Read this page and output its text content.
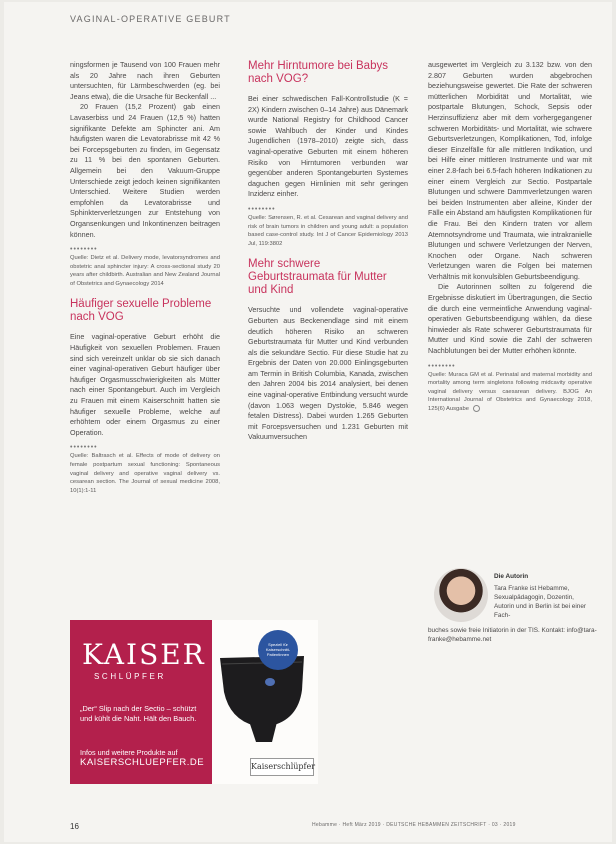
VAGINAL-OPERATIVE GEBURT

ningsformen je Tausend von 100 Frauen mehr als 20 Jahre nach ihren Geburten untersuchten, für Lärmbeschwerden (eg. bei Jeans etwa), die die Ursache für Beckenfall ...

20 Frauen (15,2 Prozent) gab einen Lavaserbiss und 24 Frauen (12,5 %) hatten signifikante Defekte am Sphincter ani. Am häufigsten waren die Levatorabrisse mit 42 % bei Forcepsgeburten zu finden, im Gegensatz zu 11 % bei den spontanen Geburten. Allgemein bei den Vakuum-Gruppe Unterschiede zeigt jedoch keinen signifikanten Unterschied. Weitere Studien werden empfohlen da Levatorabrisse und Sphinkterverletzungen zur Entstehung von Organsenkungen und Inkontinenzen beitragen können.

••••••••

Quelle: Dietz et al. Delivery mode, levatorsyndromes and obstetric anal sphincter injury: A cross-sectional study 20 years after childbirth. Australian and New Zealand Journal of Obstetrics and Gynaecology 2014

Häufiger sexuelle Probleme nach VOG

Eine vaginal-operative Geburt erhöht die Häufigkeit von sexuellen Problemen. Frauen sind sich vereinzelt unklar ob sie sich danach einer vaginal-operativen Geburt häufiger über häufiger Orgasmusschwierigkeiten als Mütter nach einer Spontangeburt. Auch im Vergleich zu Frauen mit einem Kaiserschnitt hatten sie häufiger sexuelle Probleme, welche auf erhöhtem oder einem Orgasmus zu einer Operation.

••••••••

Quelle: Baltrasch et al. Effects of mode of delivery on female postpartum sexual functioning: Spontaneous vaginal delivery and operative vaginal delivery vs. cesarean section. The Journal of sexual medicine 2008, 10(1):1-11

Mehr Hirntumore bei Babys nach VOG?

Bei einer schwedischen Fall-Kontrollstudie (K = 2X) Kindern zwischen 0–14 Jahre) aus Dänemark wurde National Registry for Childhood Cancer sowie Wahlbuch der Kinder und Kindes Jugendlichen (1978–2010) zeigte sich, dass vaginal-operative Geburten mit einem höheren Risiko von Hirntumoren verbunden war gegenüber anderen Spontangeburten Systemes daguchen gegen Hirnlinien mit sehr geringen Inzidenz einher.

••••••••

Quelle: Sørensen, R. et al. Cesarean and vaginal delivery and risk of brain tumors in children and young adult: a population based case-control study. Int J of Cancer Epidemiology 2013 Jul, 119:3802

Mehr schwere Geburtstraumata für Mutter und Kind

Versuchte und vollendete vaginal-operative Geburten aus Beckenendlage sind mit einem deutlich höheren Risiko an schweren Geburtstraumata für Mutter und Kind verbunden als die sekundäre Sectio. Für diese Studie hat zu Ergebnis der Daten von 20.000 Einlingsgeburten am Termin in British Columbia, Kanada, zwischen den Jahren 2004 bis 2014 analysiert, bei denen eine vaginal-operative Entbindung versucht wurde (davon 1.063 wegen Dystokie, 5.846 wegen fetalen Distress). Dabei wurden 1.265 Geburten mit Forcepsversuchen und 1.231 Geburten mit Vakuumversuchen

ausgewertet im Vergleich zu 3.132 bzw. von den 2.807 Geburten wurden abgebrochen beziehungsweise gewertet. Die Rate der schweren mütterlichen Morbidität und Mortalität, wie postpartale Blutungen, Schock, Sepsis oder Herzinsuffizienz aber mit dem vorhergegangener schweren Morbiditäts- und Mortalität, wie schwere Geburtsverletzungen, Komplikationen, Tod, infolge dieser Einzelfälle für alle mittleren Indikation, und bei Hilfe einer mittleren Instrumente und war mit einer 2.8-fach bei 6.5-fach höheren Indikationen zu einer einem Vergleich zur Sectio. Postpartale Blutungen und schwere Dammverletzungen waren bei beiden Instrumenten aber alleine, Kinder der Fälle ein Abstand am häufigsten Komplikationen für die Frau. Bei den Kindern traten vor allem Atemnotsyndrome und Traumata, wie intrakranielle Blutungen und schwere Verletzungen der Nerven, Knochen oder Organe. Nach schweren Verletzungen waren die Folgen bei maternen Verhältnis mit konvulsiblen Geburtsbeendigung.

Die Autorinnen sollten zu folgerend die Ergebnisse diskutiert im Übertragungen, die Sectio die durch eine vermeintliche Anwendung vaginal-operativen Geburtsbeendigung wählen, da diese hinwieder als Rate schwerer Geburtstraumata für Mutter und Kind sowie die Zahl der schweren Nachblutungen bei der Mutter erhöhen könnte.

••••••••

Quelle: Muraca GM et al. Perinatal and maternal morbidity and mortality among term singletons following midcavity operative vaginal delivery versus caesarean delivery. BJOG An International Journal of Obstetrics and Gynaecology 2018, 125(6) Ausgabe

Die Autorin
Tara Franke ist Hebamme, Sexualpädagogin, Dozentin, Autorin und in Berlin ist bei einer Fach-
buches sowie freie Initiatorin in der TIS. Kontakt: info@tara-franke@hebamme.net
KAISER
SCHLÜPFER
„Der“ Slip nach der Sectio – schützt und kühlt die Naht. Hält den Bauch.
Infos und weitere Produkte auf
KAISERSCHLUEPFER.DE
Speziell für Kaiserschnitt-Patientinnen
Kaiserschlüpfer
16	Hebamme · Heft März 2019 · DEUTSCHE HEBAMMEN ZEITSCHRIFT · 03 · 2019
